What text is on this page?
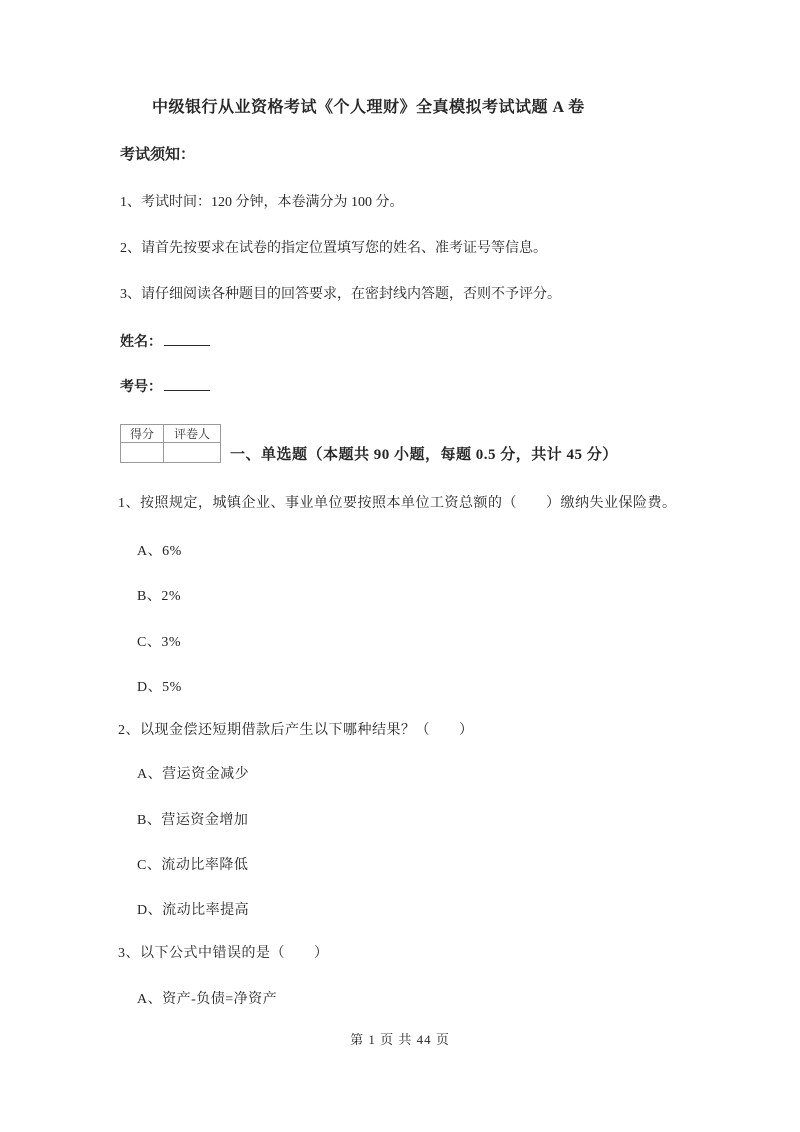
中级银行从业资格考试《个人理财》全真模拟考试试题 A 卷
考试须知：
1、考试时间：120 分钟，本卷满分为 100 分。
2、请首先按要求在试卷的指定位置填写您的姓名、准考证号等信息。
3、请仔细阅读各种题目的回答要求，在密封线内答题，否则不予评分。
姓名：
考号：
得分	评卷人

一、单选题（本题共 90 小题，每题 0.5 分，共计 45 分）
1、按照规定，城镇企业、事业单位要按照本单位工资总额的（　　）缴纳失业保险费。
A、6%
B、2%
C、3%
D、5%
2、以现金偿还短期借款后产生以下哪种结果？（　　）
A、营运资金减少
B、营运资金增加
C、流动比率降低
D、流动比率提高
3、以下公式中错误的是（　　）
A、资产-负债=净资产
第 1 页 共 44 页
